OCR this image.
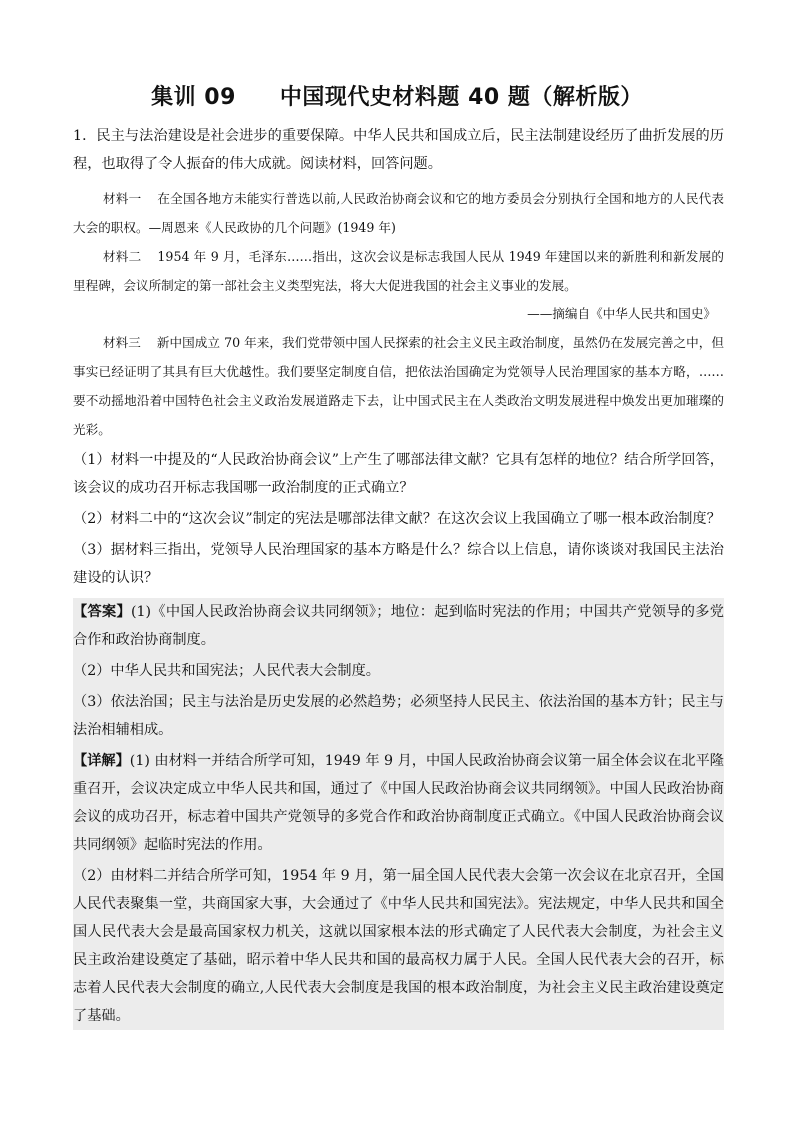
集训 09 中国现代史材料题 40 题（解析版）

1．民主与法治建设是社会进步的重要保障。中华人民共和国成立后，民主法制建设经历了曲折发展的历程，也取得了令人振奋的伟大成就。阅读材料，回答问题。

材料一 在全国各地方未能实行普选以前,人民政治协商会议和它的地方委员会分别执行全国和地方的人民代表大会的职权。—周恩来《人民政协的几个问题》(1949 年)

材料二 1954 年 9 月，毛泽东……指出，这次会议是标志我国人民从 1949 年建国以来的新胜利和新发展的里程碑，会议所制定的第一部社会主义类型宪法，将大大促进我国的社会主义事业的发展。

——摘编自《中华人民共和国史》

材料三 新中国成立 70 年来，我们党带领中国人民探索的社会主义民主政治制度，虽然仍在发展完善之中，但事实已经证明了其具有巨大优越性。我们要坚定制度自信，把依法治国确定为党领导人民治理国家的基本方略，……要不动摇地沿着中国特色社会主义政治发展道路走下去，让中国式民主在人类政治文明发展进程中焕发出更加璀璨的光彩。

（1）材料一中提及的“人民政治协商会议”上产生了哪部法律文献？它具有怎样的地位？结合所学回答，该会议的成功召开标志我国哪一政治制度的正式确立？

（2）材料二中的“这次会议”制定的宪法是哪部法律文献？在这次会议上我国确立了哪一根本政治制度？

（3）据材料三指出，党领导人民治理国家的基本方略是什么？综合以上信息，请你谈谈对我国民主法治建设的认识？

【答案】(1)《中国人民政治协商会议共同纲领》；地位：起到临时宪法的作用；中国共产党领导的多党合作和政治协商制度。

（2）中华人民共和国宪法；人民代表大会制度。

（3）依法治国；民主与法治是历史发展的必然趋势；必须坚持人民民主、依法治国的基本方针；民主与法治相辅相成。

【详解】(1) 由材料一并结合所学可知，1949 年 9 月，中国人民政治协商会议第一届全体会议在北平隆重召开，会议决定成立中华人民共和国，通过了《中国人民政治协商会议共同纲领》。中国人民政治协商会议的成功召开，标志着中国共产党领导的多党合作和政治协商制度正式确立。《中国人民政治协商会议共同纲领》起临时宪法的作用。

（2）由材料二并结合所学可知，1954 年 9 月，第一届全国人民代表大会第一次会议在北京召开，全国人民代表聚集一堂，共商国家大事，大会通过了《中华人民共和国宪法》。宪法规定，中华人民共和国全国人民代表大会是最高国家权力机关，这就以国家根本法的形式确定了人民代表大会制度，为社会主义民主政治建设奠定了基础，昭示着中华人民共和国的最高权力属于人民。全国人民代表大会的召开，标志着人民代表大会制度的确立,人民代表大会制度是我国的根本政治制度，为社会主义民主政治建设奠定了基础。
